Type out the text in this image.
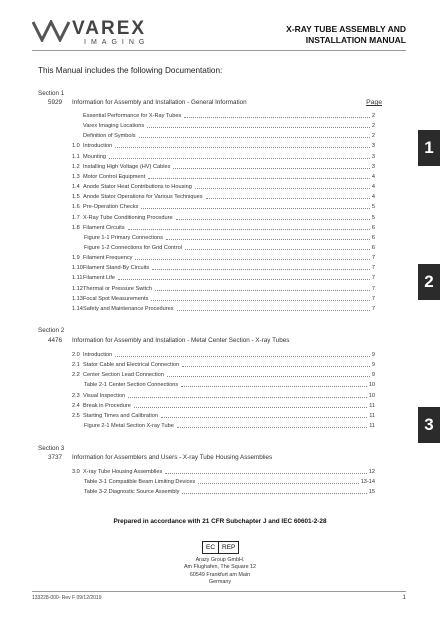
VAREX
IMAGING
X-RAY TUBE ASSEMBLY AND
INSTALLATION MANUAL
This Manual includes the following Documentation:
Section 1
5929 Information for Assembly and Installation - General Information	Page
Essential Performance for X-Ray Tubes	2
Varex Imaging Locations	2
Definition of Symbols	2
1.0 Introduction	3
1.1 Mounting	3
1.2 Installing High Voltage (HV) Cables	3
1.3 Motor Control Equipment	4
1.4 Anode Stator Heat Contributions to Housing	4
1.5 Anode Stator Operations for Various Techniques	4
1.6 Pre-Operation Checks	5
1.7 X-Ray Tube Conditioning Procedure	5
1.8 Filament Circuits	6
Figure 1-1 Primary Connections	6
Figure 1-2 Connections for Grid Control	6
1.9 Filament Frequency	7
1.10 Filament Stand-By Circuits	7
1.11 Filament Life	7
1.12 Thermal or Pressure Switch	7
1.13 Focal Spot Measurements	7
1.14 Safety and Maintenance Procedures	7
1
Section 2
4476 Information for Assembly and Installation - Metal Center Section - X-ray Tubes
2.0 Introduction	9
2.1 Stator Cable and Electrical Connection	9
2.2 Center Section Lead Connection	9
Table 2-1 Center Section Connections	10
2.3 Visual Inspection	10
2.4 Break in Procedure	11
2.5 Starting Times and Calibration	11
Figure 2-1 Metal Section X-ray Tube	11
2
Section 3
3737 Information for Assemblers and Users - X-ray Tube Housing Assemblies
3.0 X-ray Tube Housing Assemblies	12
Table 3-1 Compatible Beam Limiting Devices	13-14
Table 3-2 Diagnostic Source Assembly	15
3
Prepared in accordance with 21 CFR Subchapter J and IEC 60601-2-28
EC	REP
Arazy Group GmbH.
Am Flughafen, The Square 12
60549 Frankfurt am Main
Germany
133228-000- Rev F 09/12/2019	1
